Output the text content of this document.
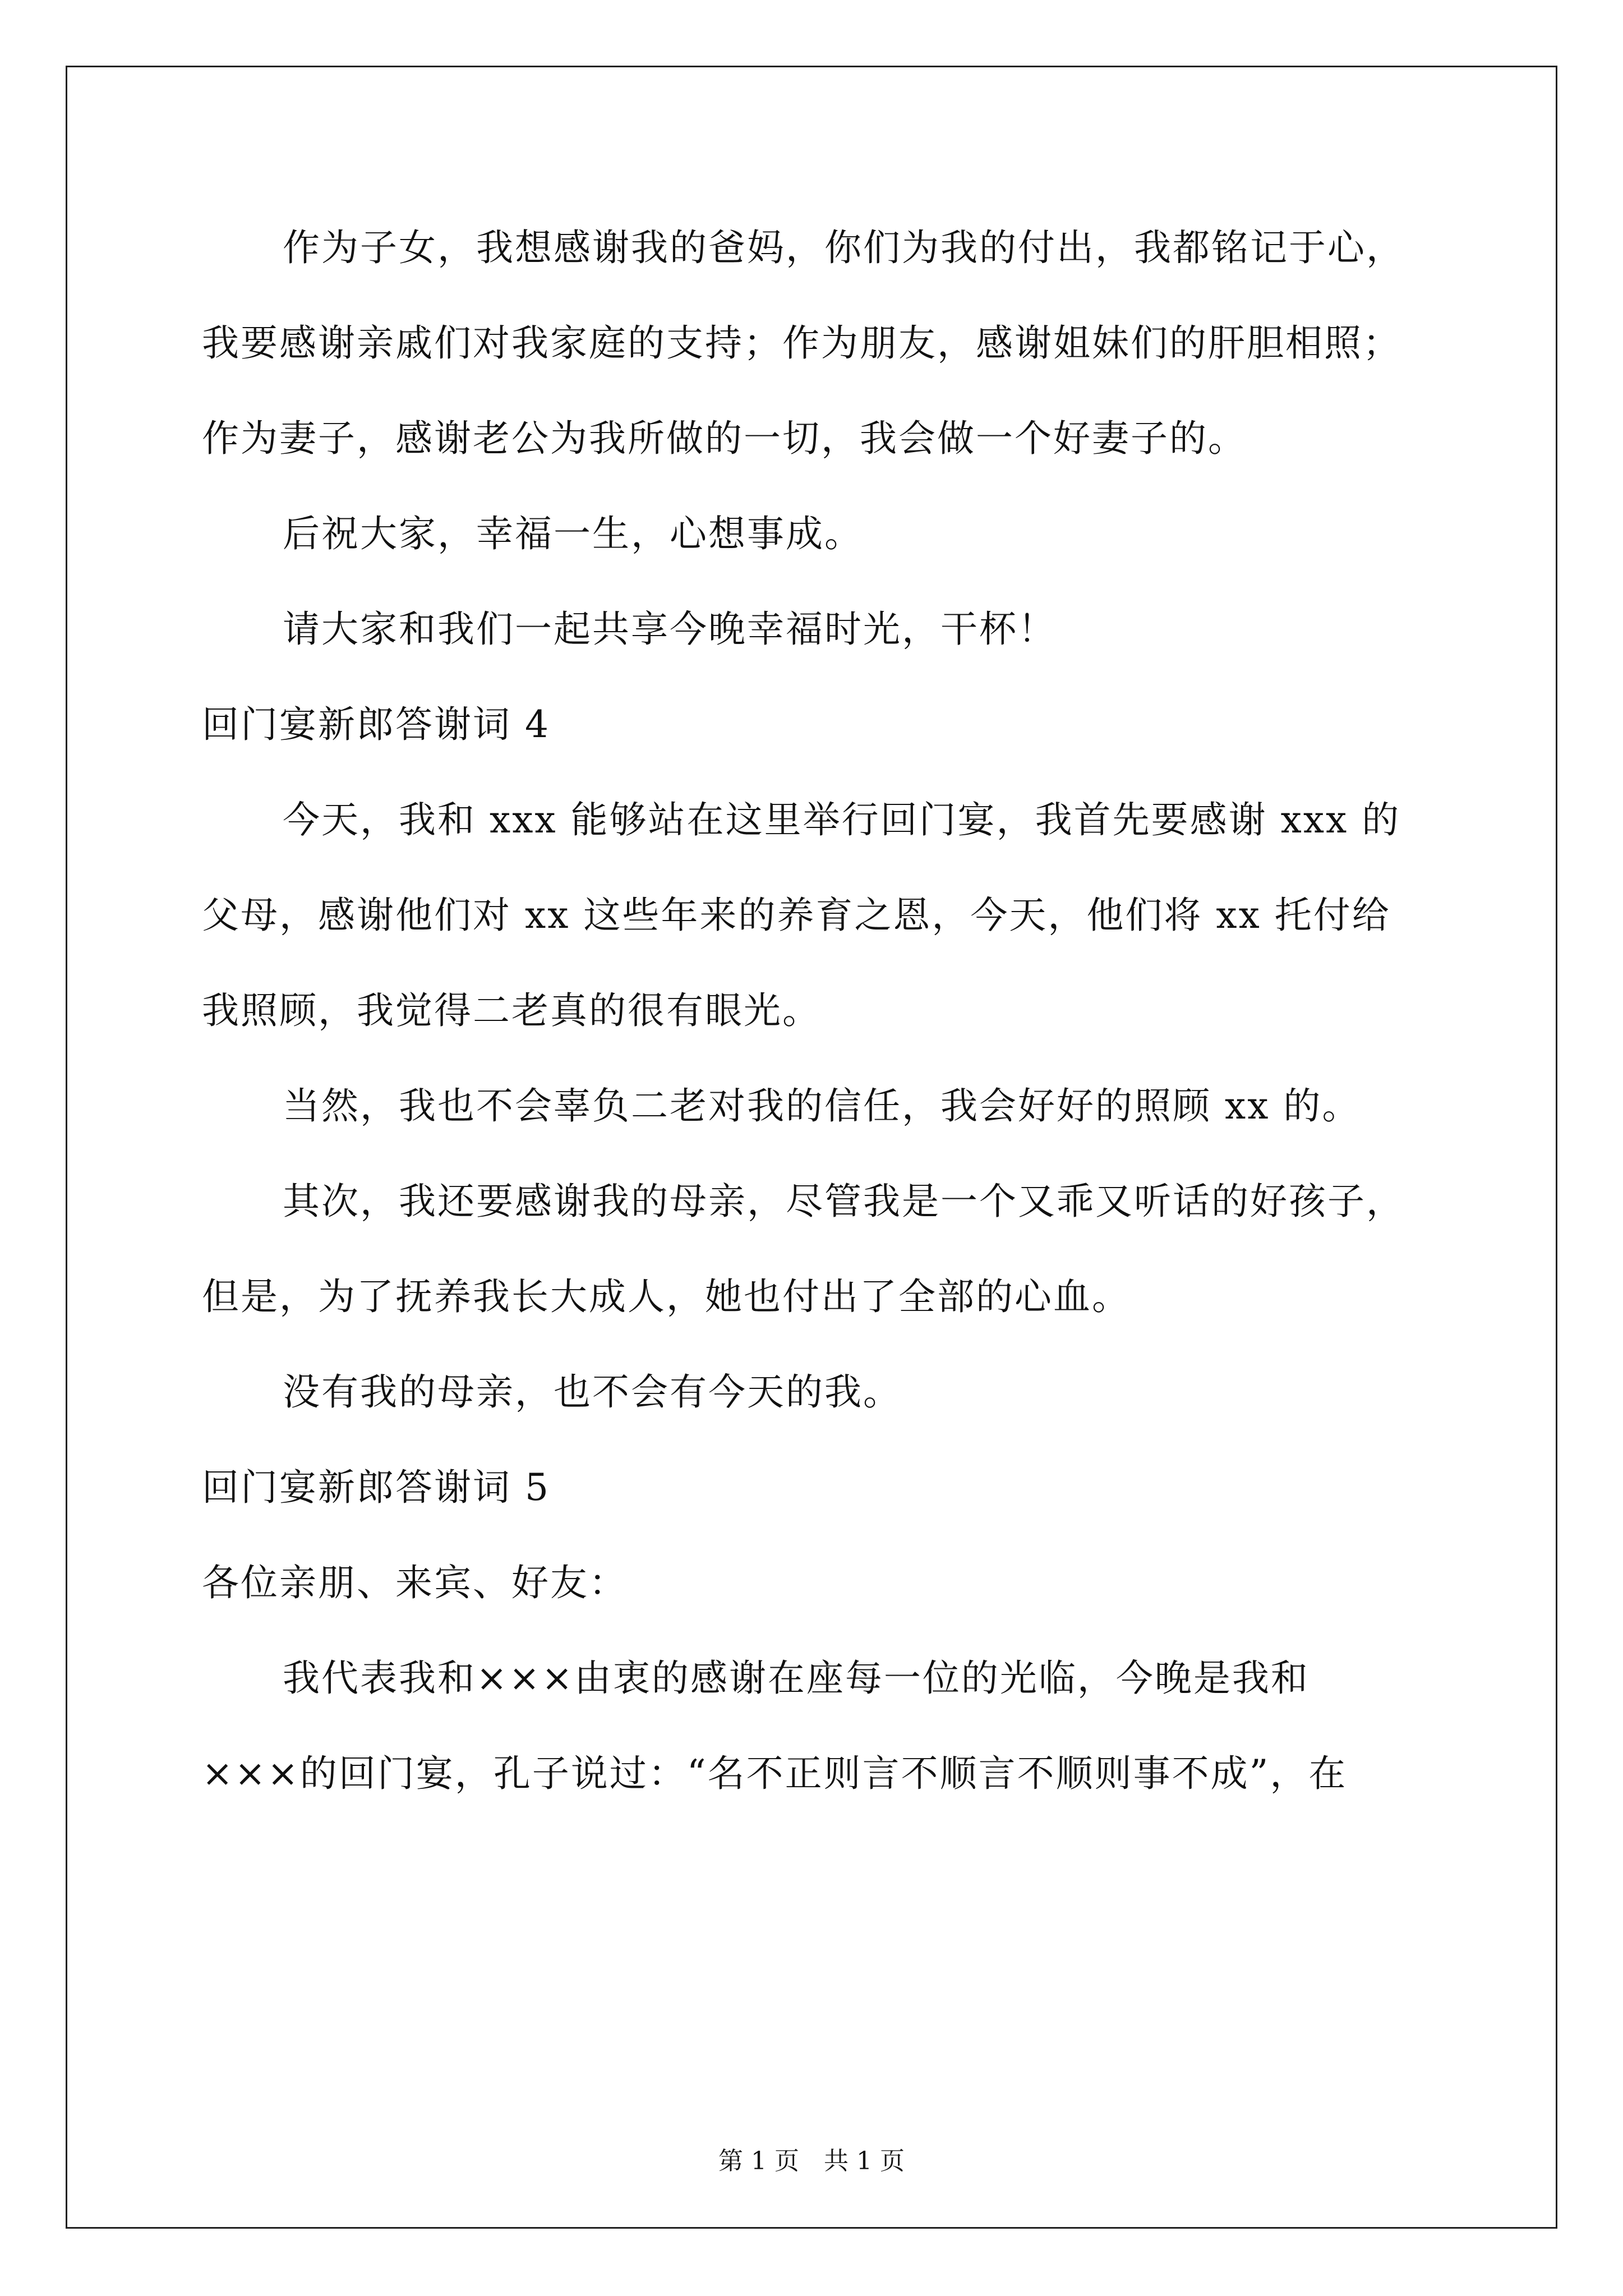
作为子女，我想感谢我的爸妈，你们为我的付出，我都铭记于心，
我要感谢亲戚们对我家庭的支持；作为朋友，感谢姐妹们的肝胆相照；
作为妻子，感谢老公为我所做的一切，我会做一个好妻子的。
后祝大家，幸福一生，心想事成。
请大家和我们一起共享今晚幸福时光，干杯！
回门宴新郎答谢词 4
今天，我和 xxx 能够站在这里举行回门宴，我首先要感谢 xxx 的
父母，感谢他们对 xx 这些年来的养育之恩，今天，他们将 xx 托付给
我照顾，我觉得二老真的很有眼光。
当然，我也不会辜负二老对我的信任，我会好好的照顾 xx 的。
其次，我还要感谢我的母亲，尽管我是一个又乖又听话的好孩子，
但是，为了抚养我长大成人，她也付出了全部的心血。
没有我的母亲，也不会有今天的我。
回门宴新郎答谢词 5
各位亲朋、来宾、好友：
我代表我和×××由衷的感谢在座每一位的光临，今晚是我和
×××的回门宴，孔子说过：“名不正则言不顺言不顺则事不成”，在
第 1 页　共 1 页
